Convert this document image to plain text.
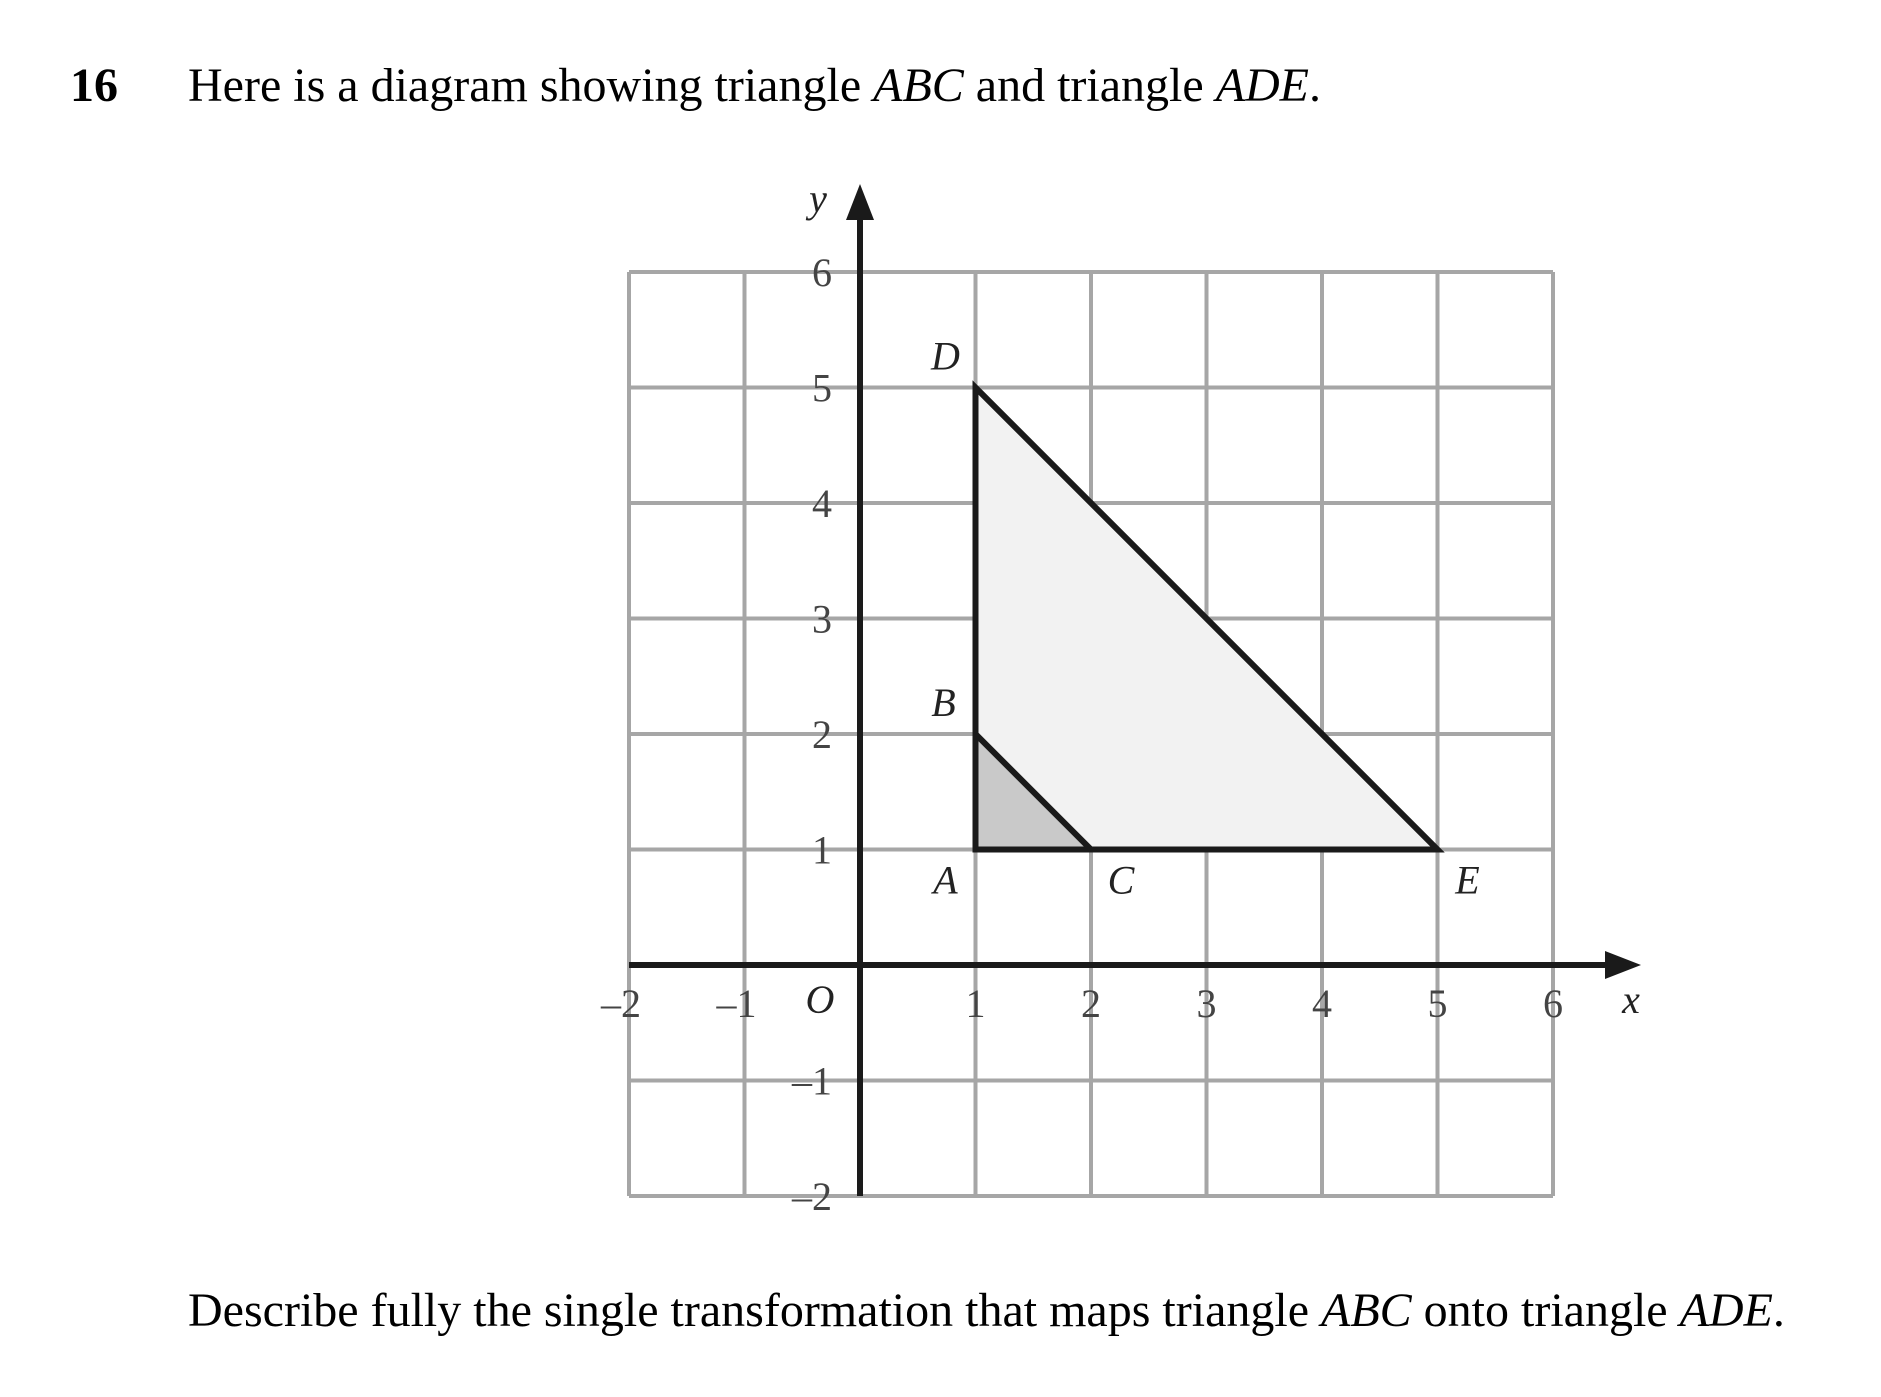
16 Here is a diagram showing triangle ABC and triangle ADE.
–2 –1	1 2 3 4 5 6
6
5
4
3
2
1
–1
–2
O	x
y
A
B
C
D
E
Describe fully the single transformation that maps triangle ABC onto triangle ADE.
